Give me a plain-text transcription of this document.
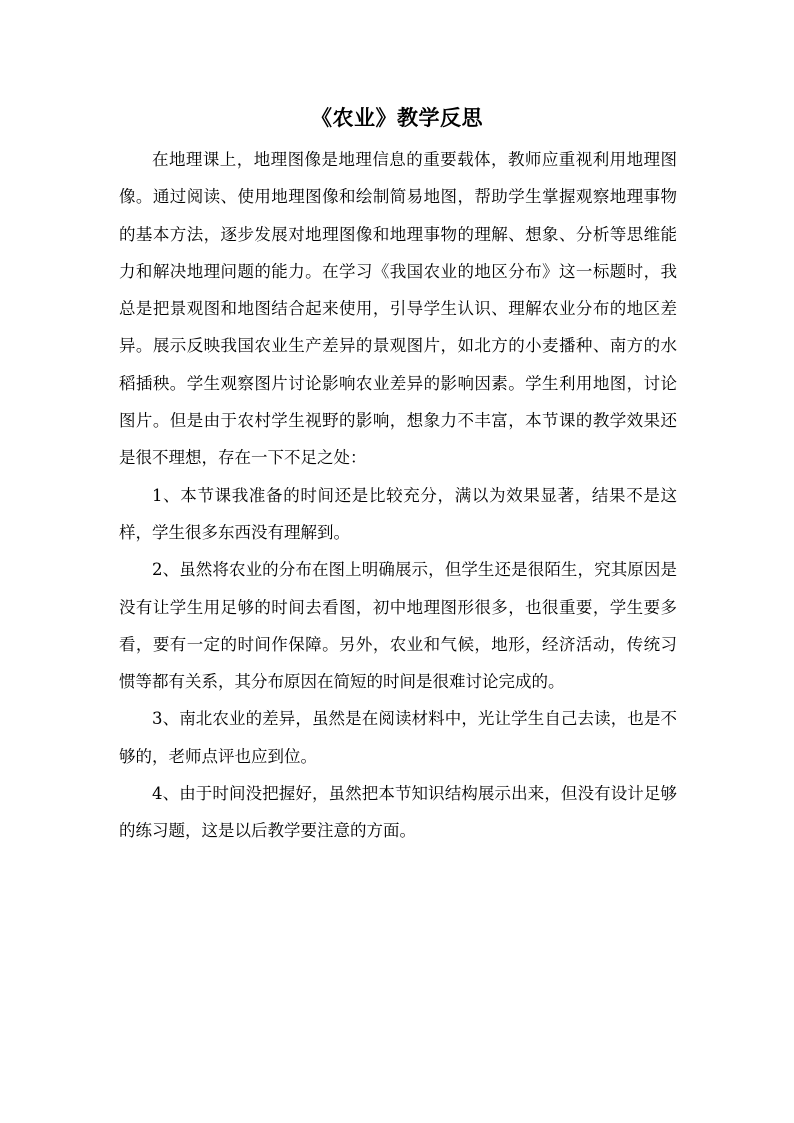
《农业》教学反思

在地理课上，地理图像是地理信息的重要载体，教师应重视利用地理图像。通过阅读、使用地理图像和绘制简易地图，帮助学生掌握观察地理事物的基本方法，逐步发展对地理图像和地理事物的理解、想象、分析等思维能力和解决地理问题的能力。在学习《我国农业的地区分布》这一标题时，我总是把景观图和地图结合起来使用，引导学生认识、理解农业分布的地区差异。展示反映我国农业生产差异的景观图片，如北方的小麦播种、南方的水稻插秧。学生观察图片讨论影响农业差异的影响因素。学生利用地图，讨论图片。但是由于农村学生视野的影响，想象力不丰富，本节课的教学效果还是很不理想，存在一下不足之处：

1、本节课我准备的时间还是比较充分，满以为效果显著，结果不是这样，学生很多东西没有理解到。

2、虽然将农业的分布在图上明确展示，但学生还是很陌生，究其原因是没有让学生用足够的时间去看图，初中地理图形很多，也很重要，学生要多看，要有一定的时间作保障。另外，农业和气候，地形，经济活动，传统习惯等都有关系，其分布原因在简短的时间是很难讨论完成的。

3、南北农业的差异，虽然是在阅读材料中，光让学生自己去读，也是不够的，老师点评也应到位。

4、由于时间没把握好，虽然把本节知识结构展示出来，但没有设计足够的练习题，这是以后教学要注意的方面。
